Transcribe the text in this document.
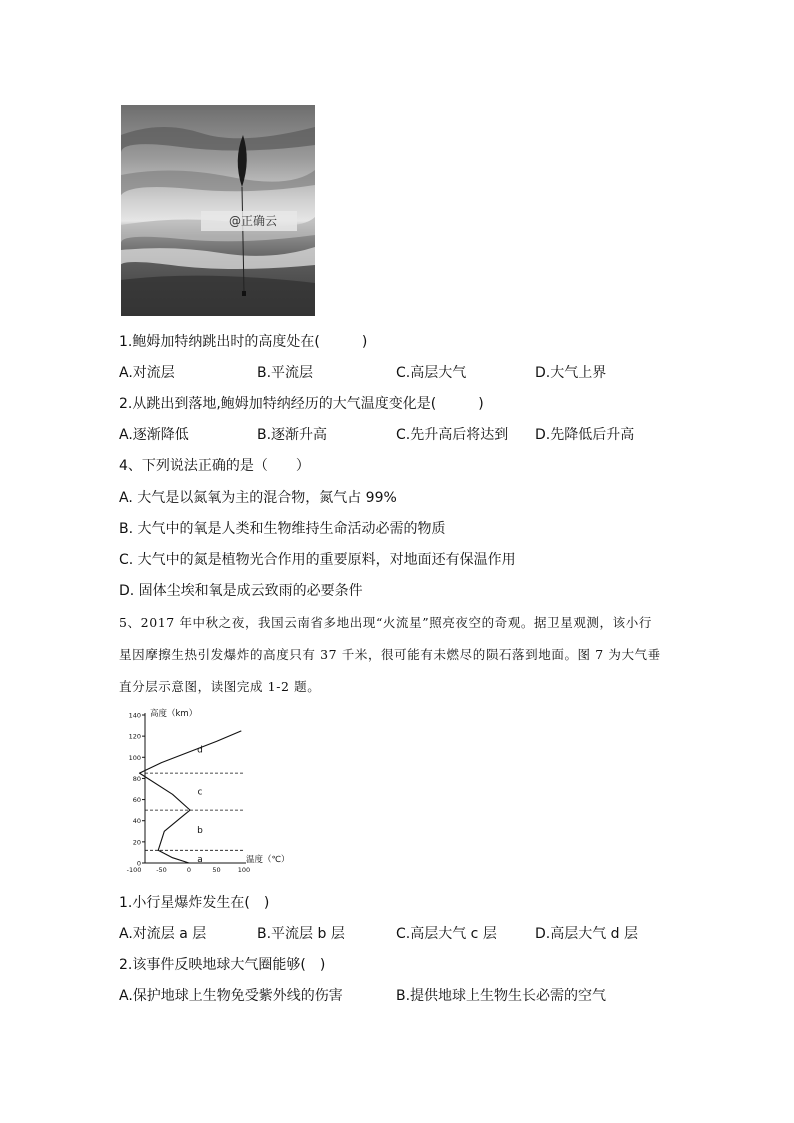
@正确云
1.鲍姆加特纳跳出时的高度处在(　　　)
A.对流层	B.平流层	C.高层大气	D.大气上界
2.从跳出到落地,鲍姆加特纳经历的大气温度变化是(　　　)
A.逐渐降低	B.逐渐升高	C.先升高后将达到 D.先降低后升高
4、下列说法正确的是（　　）
A. 大气是以氮氧为主的混合物，氮气占 99%
B. 大气中的氧是人类和生物维持生命活动必需的物质
C. 大气中的氮是植物光合作用的重要原料，对地面还有保温作用
D. 固体尘埃和氧是成云致雨的必要条件
5、2017 年中秋之夜，我国云南省多地出现“火流星”照亮夜空的奇观。据卫星观测，该小行
星因摩擦生热引发爆炸的高度只有 37 千米，很可能有未燃尽的陨石落到地面。图 7 为大气垂
直分层示意图，读图完成 1-2 题。
0
20
40
60
80
100
120
140
-100 -50	0	50	100
a
b
c
d
高度（km）
温度（℃）
1.小行星爆炸发生在(　)
A.对流层 a 层	B.平流层 b 层	C.高层大气 c 层	D.高层大气 d 层
2.该事件反映地球大气圈能够(　)
A.保护地球上生物免受紫外线的伤害	B.提供地球上生物生长必需的空气
